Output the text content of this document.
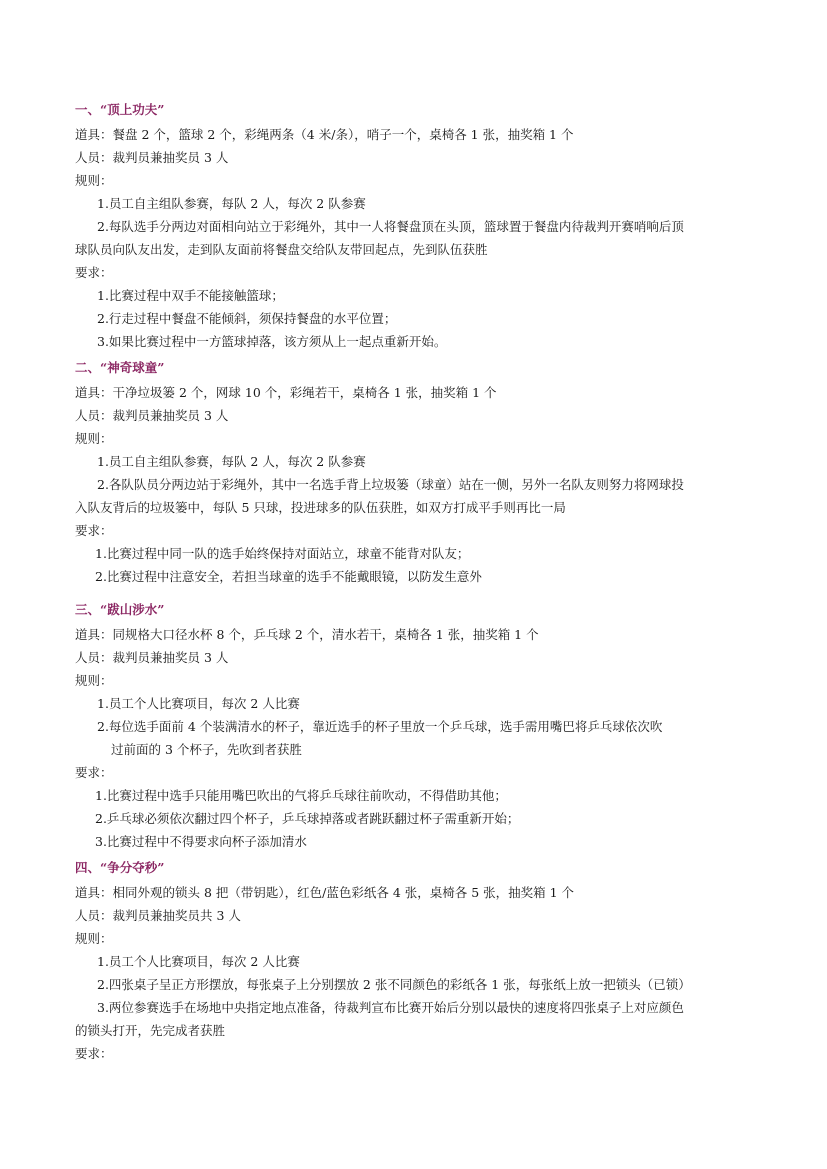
一、“顶上功夫”
道具：餐盘 2 个，篮球 2 个，彩绳两条（4 米/条），哨子一个，桌椅各 1 张，抽奖箱 1 个
人员：裁判员兼抽奖员 3 人
规则：
1.员工自主组队参赛，每队 2 人，每次 2 队参赛
2.每队选手分两边对面相向站立于彩绳外，其中一人将餐盘顶在头顶，篮球置于餐盘内待裁判开赛哨响后顶
球队员向队友出发，走到队友面前将餐盘交给队友带回起点，先到队伍获胜
要求：
1.比赛过程中双手不能接触篮球；
2.行走过程中餐盘不能倾斜，须保持餐盘的水平位置；
3.如果比赛过程中一方篮球掉落，该方须从上一起点重新开始。
二、“神奇球童”
道具：干净垃圾篓 2 个，网球 10 个，彩绳若干，桌椅各 1 张，抽奖箱 1 个
人员：裁判员兼抽奖员 3 人
规则：
1.员工自主组队参赛，每队 2 人，每次 2 队参赛
2.各队队员分两边站于彩绳外，其中一名选手背上垃圾篓（球童）站在一侧，另外一名队友则努力将网球投
入队友背后的垃圾篓中，每队 5 只球，投进球多的队伍获胜，如双方打成平手则再比一局
要求：
1.比赛过程中同一队的选手始终保持对面站立，球童不能背对队友；
2.比赛过程中注意安全，若担当球童的选手不能戴眼镜，以防发生意外
三、“跋山涉水”
道具：同规格大口径水杯 8 个，乒乓球 2 个，清水若干，桌椅各 1 张，抽奖箱 1 个
人员：裁判员兼抽奖员 3 人
规则：
1.员工个人比赛项目，每次 2 人比赛
2.每位选手面前 4 个装满清水的杯子，靠近选手的杯子里放一个乒乓球，选手需用嘴巴将乒乓球依次吹
过前面的 3 个杯子，先吹到者获胜
要求：
1.比赛过程中选手只能用嘴巴吹出的气将乒乓球往前吹动，不得借助其他；
2.乒乓球必须依次翻过四个杯子，乒乓球掉落或者跳跃翻过杯子需重新开始；
3.比赛过程中不得要求向杯子添加清水
四、“争分夺秒”
道具：相同外观的锁头 8 把（带钥匙），红色/蓝色彩纸各 4 张，桌椅各 5 张，抽奖箱 1 个
人员：裁判员兼抽奖员共 3 人
规则：
1.员工个人比赛项目，每次 2 人比赛
2.四张桌子呈正方形摆放，每张桌子上分别摆放 2 张不同颜色的彩纸各 1 张，每张纸上放一把锁头（已锁）
3.两位参赛选手在场地中央指定地点准备，待裁判宣布比赛开始后分别以最快的速度将四张桌子上对应颜色
的锁头打开，先完成者获胜
要求：
